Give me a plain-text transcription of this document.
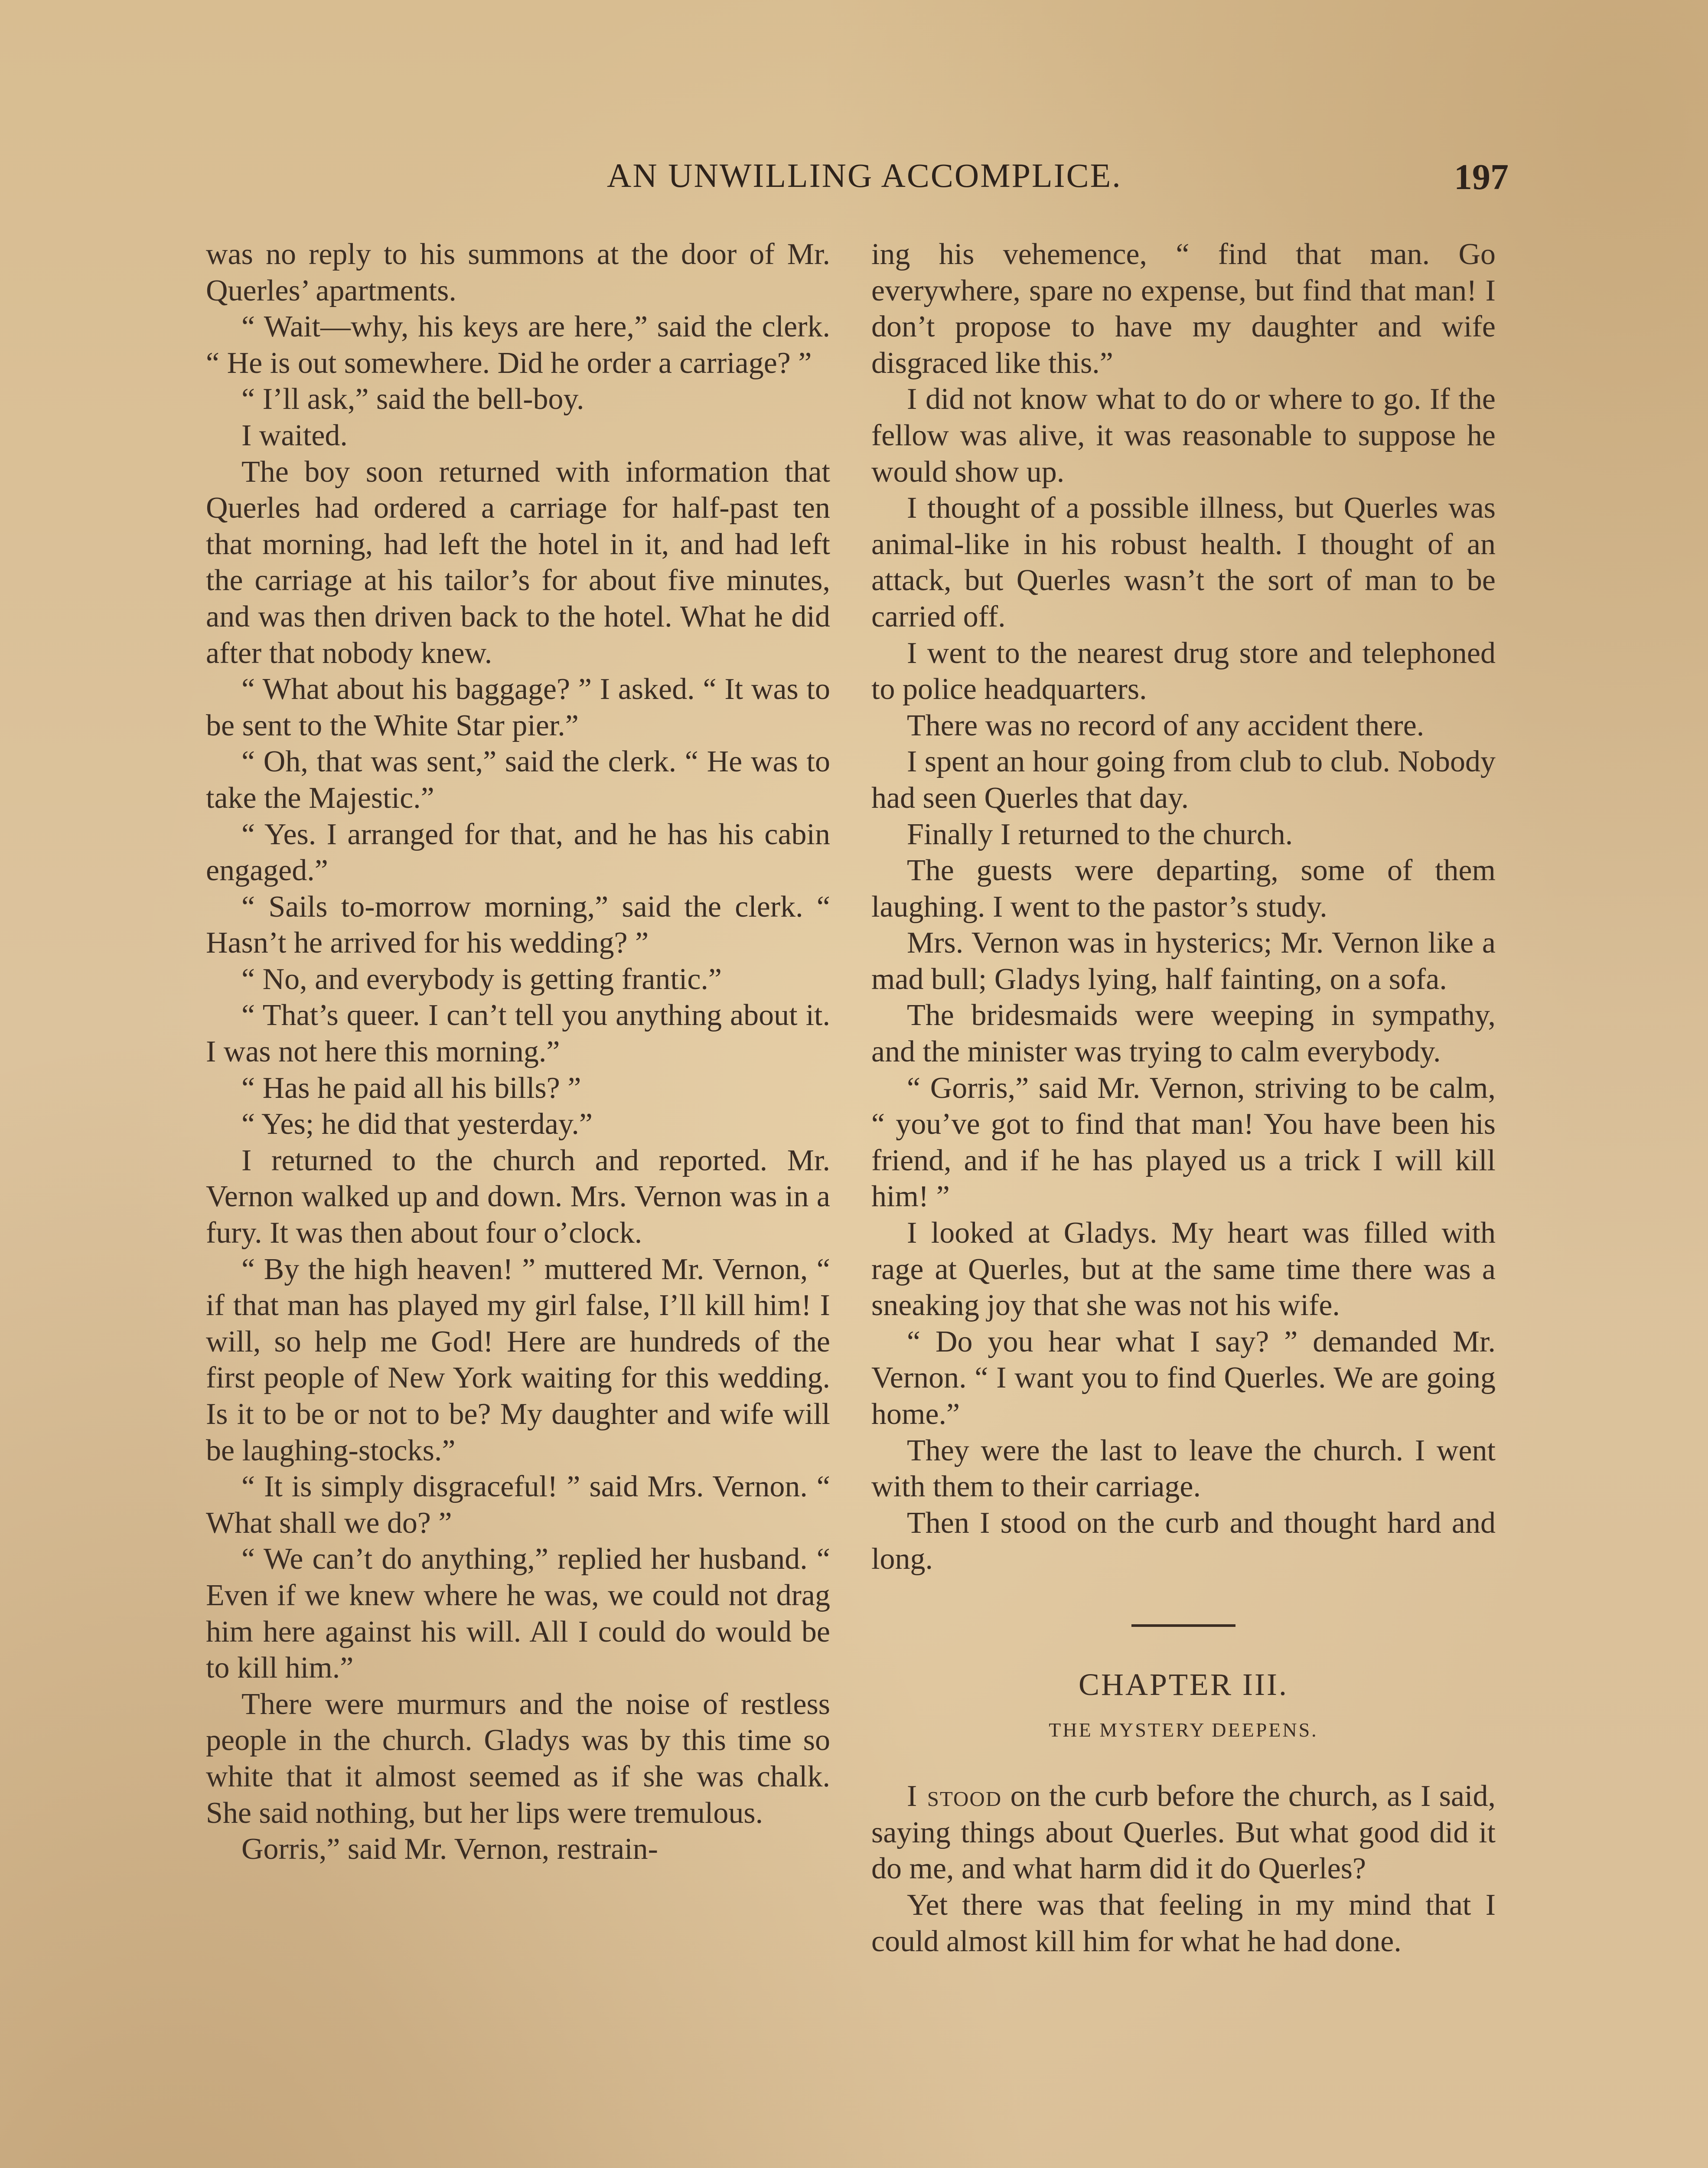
AN UNWILLING ACCOMPLICE.	197

was no reply to his summons at the door of Mr. Querles’ apartments.

“ Wait—why, his keys are here,” said the clerk. “ He is out somewhere. Did he order a carriage? ”

“ I’ll ask,” said the bell-boy.

I waited.

The boy soon returned with information that Querles had ordered a carriage for half-past ten that morning, had left the hotel in it, and had left the carriage at his tailor’s for about five minutes, and was then driven back to the hotel. What he did after that nobody knew.

“ What about his baggage? ” I asked. “ It was to be sent to the White Star pier.”

“ Oh, that was sent,” said the clerk. “ He was to take the Majestic.”

“ Yes. I arranged for that, and he has his cabin engaged.”

“ Sails to-morrow morning,” said the clerk. “ Hasn’t he arrived for his wedding? ”

“ No, and everybody is getting frantic.”

“ That’s queer. I can’t tell you anything about it. I was not here this morning.”

“ Has he paid all his bills? ”

“ Yes; he did that yesterday.”

I returned to the church and reported. Mr. Vernon walked up and down. Mrs. Vernon was in a fury. It was then about four o’clock.

“ By the high heaven! ” muttered Mr. Vernon, “ if that man has played my girl false, I’ll kill him! I will, so help me God! Here are hundreds of the first people of New York waiting for this wedding. Is it to be or not to be? My daughter and wife will be laughing-stocks.”

“ It is simply disgraceful! ” said Mrs. Vernon. “ What shall we do? ”

“ We can’t do anything,” replied her husband. “ Even if we knew where he was, we could not drag him here against his will. All I could do would be to kill him.”

There were murmurs and the noise of restless people in the church. Gladys was by this time so white that it almost seemed as if she was chalk. She said nothing, but her lips were tremulous.

Gorris,” said Mr. Vernon, restrain-

ing his vehemence, “ find that man. Go everywhere, spare no expense, but find that man! I don’t propose to have my daughter and wife disgraced like this.”

I did not know what to do or where to go. If the fellow was alive, it was reasonable to suppose he would show up.

I thought of a possible illness, but Querles was animal-like in his robust health. I thought of an attack, but Querles wasn’t the sort of man to be carried off.

I went to the nearest drug store and telephoned to police headquarters.

There was no record of any accident there.

I spent an hour going from club to club. Nobody had seen Querles that day.

Finally I returned to the church.

The guests were departing, some of them laughing. I went to the pastor’s study.

Mrs. Vernon was in hysterics; Mr. Vernon like a mad bull; Gladys lying, half fainting, on a sofa.

The bridesmaids were weeping in sympathy, and the minister was trying to calm everybody.

“ Gorris,” said Mr. Vernon, striving to be calm, “ you’ve got to find that man! You have been his friend, and if he has played us a trick I will kill him! ”

I looked at Gladys. My heart was filled with rage at Querles, but at the same time there was a sneaking joy that she was not his wife.

“ Do you hear what I say? ” demanded Mr. Vernon. “ I want you to find Querles. We are going home.”

They were the last to leave the church. I went with them to their carriage.

Then I stood on the curb and thought hard and long.

CHAPTER III.
THE MYSTERY DEEPENS.

I stood on the curb before the church, as I said, saying things about Querles. But what good did it do me, and what harm did it do Querles?

Yet there was that feeling in my mind that I could almost kill him for what he had done.
